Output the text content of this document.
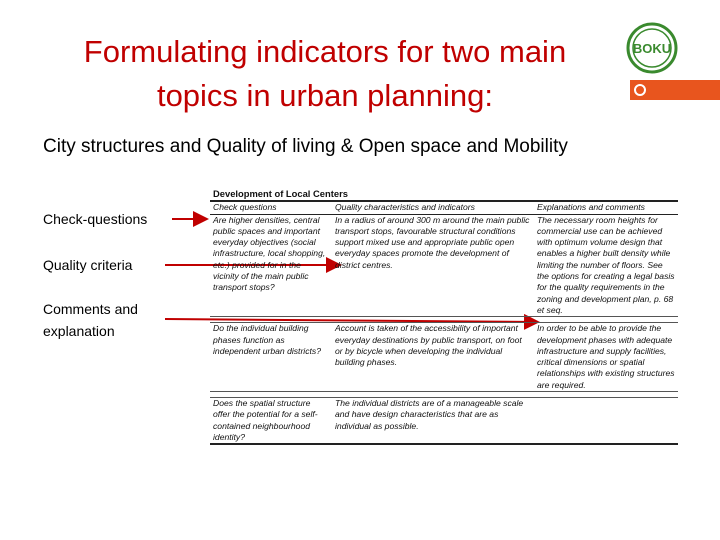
Formulating indicators for two main
topics in urban planning:
BOKU
City structures and Quality of living & Open space and Mobility
Check-questions
Quality criteria
Comments and
explanation
Development of Local Centers
Check questions	Quality characteristics and indicators	Explanations and comments
Are higher densities, central public spaces and important everyday objectives (social infrastructure, local shopping, etc.) provided for in the vicinity of the main public transport stops?
In a radius of around 300 m around the main public transport stops, favourable structural conditions support mixed use and appropriate public open everyday spaces promote the development of district centres.
The necessary room heights for commercial use can be achieved with optimum volume design that enables a higher built density while limiting the number of floors. See the options for creating a legal basis for the quality requirements in the zoning and development plan, p. 68 et seq.
Do the individual building phases function as independent urban districts?
Account is taken of the accessibility of important everyday destinations by public transport, on foot or by bicycle when developing the individual building phases.
In order to be able to provide the development phases with adequate infrastructure and supply facilities, critical dimensions or spatial relationships with existing structures are required.
Does the spatial structure offer the potential for a self-contained neighbourhood identity?
The individual districts are of a manageable scale and have design characteristics that are as individual as possible.
